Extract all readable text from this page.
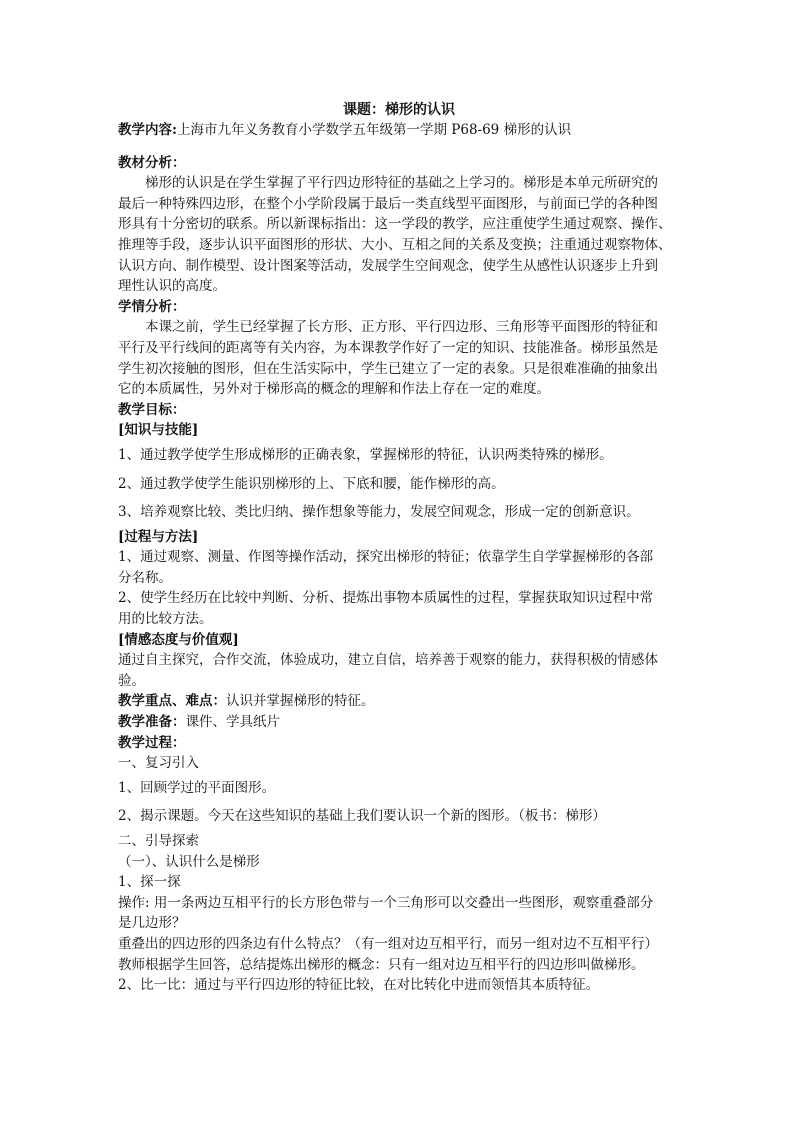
课题：梯形的认识
教学内容:上海市九年义务教育小学数学五年级第一学期 P68-69 梯形的认识
教材分析：
梯形的认识是在学生掌握了平行四边形特征的基础之上学习的。梯形是本单元所研究的
最后一种特殊四边形，在整个小学阶段属于最后一类直线型平面图形，与前面已学的各种图
形具有十分密切的联系。所以新课标指出：这一学段的教学，应注重使学生通过观察、操作、
推理等手段，逐步认识平面图形的形状、大小、互相之间的关系及变换；注重通过观察物体、
认识方向、制作模型、设计图案等活动，发展学生空间观念，使学生从感性认识逐步上升到
理性认识的高度。
学情分析：
本课之前，学生已经掌握了长方形、正方形、平行四边形、三角形等平面图形的特征和
平行及平行线间的距离等有关内容，为本课教学作好了一定的知识、技能准备。梯形虽然是
学生初次接触的图形，但在生活实际中，学生已建立了一定的表象。只是很难准确的抽象出
它的本质属性，另外对于梯形高的概念的理解和作法上存在一定的难度。
教学目标：
[知识与技能]
1、通过教学使学生形成梯形的正确表象，掌握梯形的特征，认识两类特殊的梯形。
2、通过教学使学生能识别梯形的上、下底和腰，能作梯形的高。
3、培养观察比较、类比归纳、操作想象等能力，发展空间观念，形成一定的创新意识。
[过程与方法]
1、通过观察、测量、作图等操作活动，探究出梯形的特征；依靠学生自学掌握梯形的各部
分名称。
2、使学生经历在比较中判断、分析、提炼出事物本质属性的过程，掌握获取知识过程中常
用的比较方法。
[情感态度与价值观]
通过自主探究，合作交流，体验成功，建立自信，培养善于观察的能力，获得积极的情感体
验。
教学重点、难点：认识并掌握梯形的特征。
教学准备：课件、学具纸片
教学过程：
一、复习引入
1、回顾学过的平面图形。
2、揭示课题。今天在这些知识的基础上我们要认识一个新的图形。（板书：梯形）
二、引导探索
（一）、认识什么是梯形
1、探一探
操作: 用一条两边互相平行的长方形色带与一个三角形可以交叠出一些图形，观察重叠部分
是几边形？
重叠出的四边形的四条边有什么特点？（有一组对边互相平行，而另一组对边不互相平行）
教师根据学生回答，总结提炼出梯形的概念：只有一组对边互相平行的四边形叫做梯形。
2、比一比：通过与平行四边形的特征比较，在对比转化中进而领悟其本质特征。
